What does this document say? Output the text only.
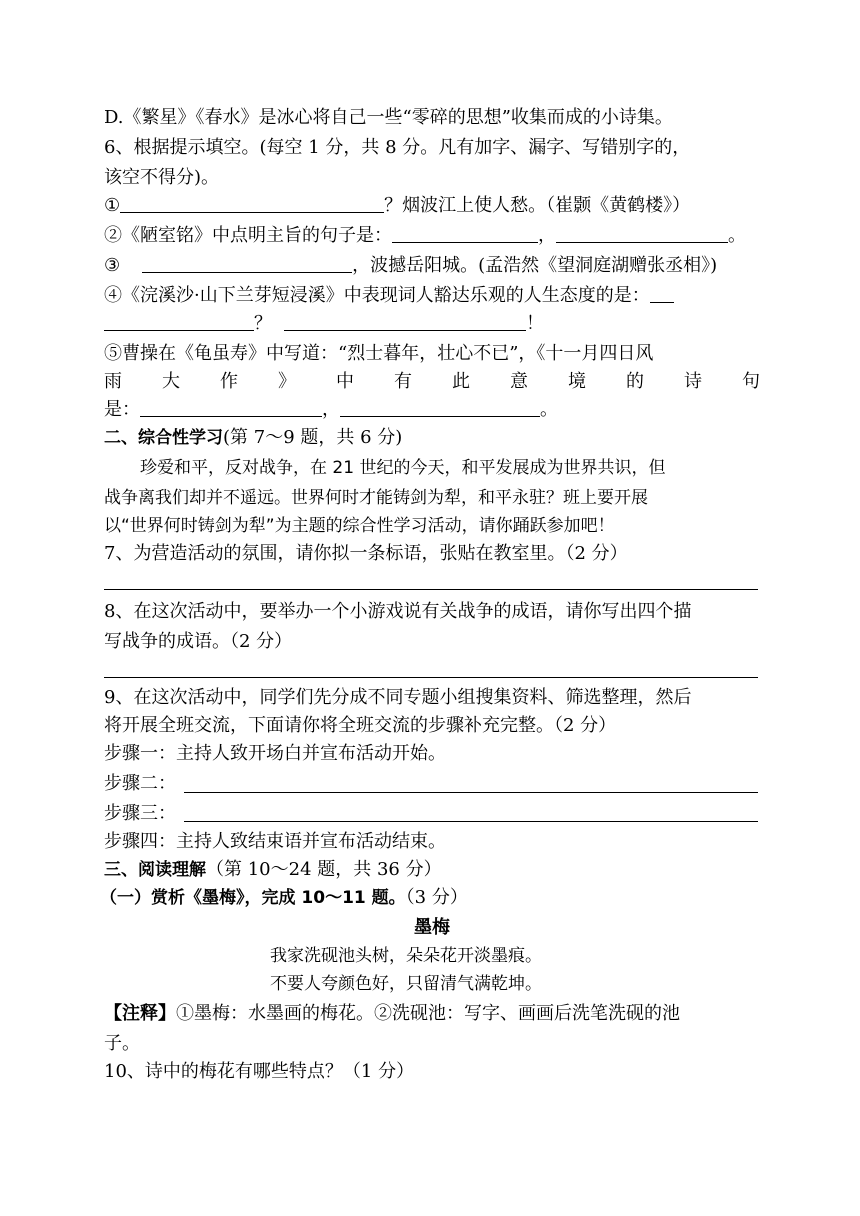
D.《繁星》《春水》是冰心将自己一些“零碎的思想”收集而成的小诗集。
6、根据提示填空。(每空 1 分，共 8 分。凡有加字、漏字、写错别字的，
该空不得分)。
①	？烟波江上使人愁。（崔颢《黄鹤楼》）
②《陋室铭》中点明主旨的句子是：	，	。
③	，波撼岳阳城。(孟浩然《望洞庭湖赠张丞相》)
④《浣溪沙·山下兰芽短浸溪》中表现词人豁达乐观的人生态度的是：
？	！
⑤曹操在《龟虽寿》中写道：“烈士暮年，壮心不已”，《十一月四日风
雨 大 作 》 中 有 此 意 境 的 诗 句
是：	，	。
二、综合性学习(第 7～9 题，共 6 分)
珍爱和平，反对战争，在 21 世纪的今天，和平发展成为世界共识，但
战争离我们却并不遥远。世界何时才能铸剑为犁，和平永驻？班上要开展
以“世界何时铸剑为犁”为主题的综合性学习活动，请你踊跃参加吧！
7、为营造活动的氛围，请你拟一条标语，张贴在教室里。（2 分）
8、在这次活动中，要举办一个小游戏说有关战争的成语，请你写出四个描
写战争的成语。（2 分）
9、在这次活动中，同学们先分成不同专题小组搜集资料、筛选整理，然后
将开展全班交流，下面请你将全班交流的步骤补充完整。（2 分）
步骤一：主持人致开场白并宣布活动开始。
步骤二：
步骤三：
步骤四：主持人致结束语并宣布活动结束。
三、阅读理解（第 10～24 题，共 36 分）
（一）赏析《墨梅》，完成 10～11 题。（3 分）
墨梅
我家洗砚池头树，朵朵花开淡墨痕。
不要人夸颜色好，只留清气满乾坤。
【注释】①墨梅：水墨画的梅花。②洗砚池：写字、画画后洗笔洗砚的池
子。
10、诗中的梅花有哪些特点？（1 分）
